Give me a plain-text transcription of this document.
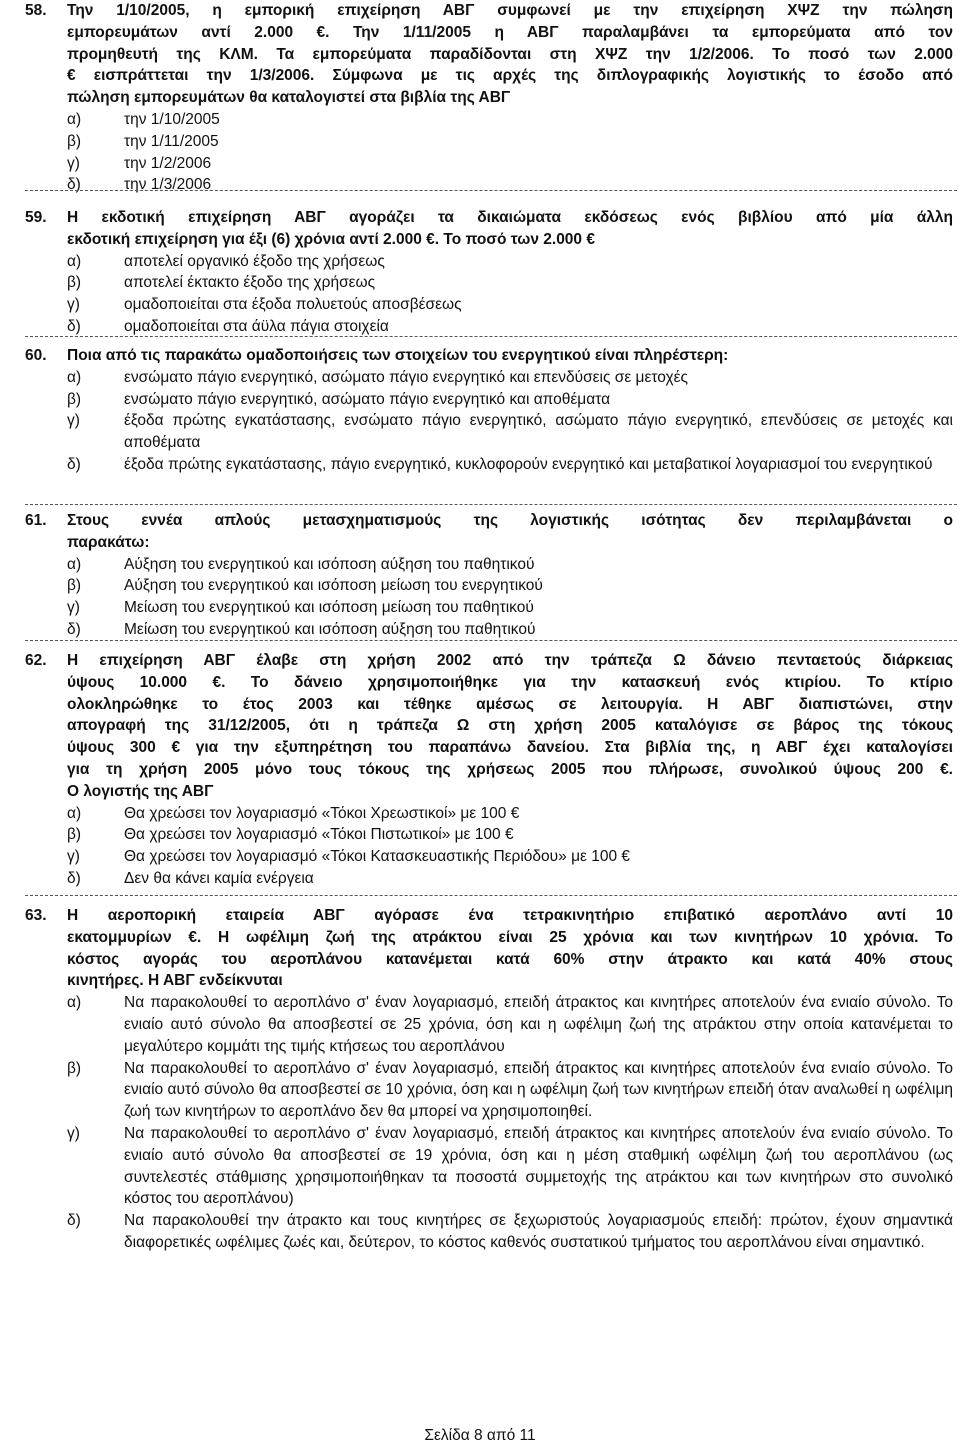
58. Την 1/10/2005, η εμπορική επιχείρηση ΑΒΓ συμφωνεί με την επιχείρηση ΧΨΖ την πώληση
εμπορευμάτων αντί 2.000 €. Την 1/11/2005 η ΑΒΓ παραλαμβάνει τα εμπορεύματα από τον
προμηθευτή της ΚΛΜ. Τα εμπορεύματα παραδίδονται στη ΧΨΖ την 1/2/2006. Το ποσό των 2.000
€ εισπράττεται την 1/3/2006. Σύμφωνα με τις αρχές της διπλογραφικής λογιστικής το έσοδο από
πώληση εμπορευμάτων θα καταλογιστεί στα βιβλία της ΑΒΓ
α)	την 1/10/2005
β)	την 1/11/2005
γ)	την 1/2/2006
δ)	την 1/3/2006
59. Η εκδοτική επιχείρηση ΑΒΓ αγοράζει τα δικαιώματα εκδόσεως ενός βιβλίου από μία άλλη
εκδοτική επιχείρηση για έξι (6) χρόνια αντί 2.000 €. Το ποσό των 2.000 €
α)	αποτελεί οργανικό έξοδο της χρήσεως
β)	αποτελεί έκτακτο έξοδο της χρήσεως
γ)	ομαδοποιείται στα έξοδα πολυετούς αποσβέσεως
δ)	ομαδοποιείται στα άϋλα πάγια στοιχεία
60. Ποια από τις παρακάτω ομαδοποιήσεις των στοιχείων του ενεργητικού είναι πληρέστερη:
α)	ενσώματο πάγιο ενεργητικό, ασώματο πάγιο ενεργητικό και επενδύσεις σε μετοχές
β)	ενσώματο πάγιο ενεργητικό, ασώματο πάγιο ενεργητικό και αποθέματα
γ)	έξοδα πρώτης εγκατάστασης, ενσώματο πάγιο ενεργητικό, ασώματο πάγιο ενεργητικό, επενδύσεις σε μετοχές και αποθέματα
δ)	έξοδα πρώτης εγκατάστασης, πάγιο ενεργητικό, κυκλοφορούν ενεργητικό και μεταβατικοί λογαριασμοί του ενεργητικού
61. Στους εννέα απλούς μετασχηματισμούς της λογιστικής ισότητας δεν περιλαμβάνεται ο
παρακάτω:
α)	Αύξηση του ενεργητικού και ισόποση αύξηση του παθητικού
β)	Αύξηση του ενεργητικού και ισόποση μείωση του ενεργητικού
γ)	Μείωση του ενεργητικού και ισόποση μείωση του παθητικού
δ)	Μείωση του ενεργητικού και ισόποση αύξηση του παθητικού
62. Η επιχείρηση ΑΒΓ έλαβε στη χρήση 2002 από την τράπεζα Ω δάνειο πενταετούς διάρκειας
ύψους 10.000 €. Το δάνειο χρησιμοποιήθηκε για την κατασκευή ενός κτιρίου. Το κτίριο
ολοκληρώθηκε το έτος 2003 και τέθηκε αμέσως σε λειτουργία. Η ΑΒΓ διαπιστώνει, στην
απογραφή της 31/12/2005, ότι η τράπεζα Ω στη χρήση 2005 καταλόγισε σε βάρος της τόκους
ύψους 300 € για την εξυπηρέτηση του παραπάνω δανείου. Στα βιβλία της, η ΑΒΓ έχει καταλογίσει
για τη χρήση 2005 μόνο τους τόκους της χρήσεως 2005 που πλήρωσε, συνολικού ύψους 200 €.
Ο λογιστής της ΑΒΓ
α)	Θα χρεώσει τον λογαριασμό «Τόκοι Χρεωστικοί» με 100 €
β)	Θα χρεώσει τον λογαριασμό «Τόκοι Πιστωτικοί» με 100 €
γ)	Θα χρεώσει τον λογαριασμό «Τόκοι Κατασκευαστικής Περιόδου» με 100 €
δ)	Δεν θα κάνει καμία ενέργεια
63. Η αεροπορική εταιρεία ΑΒΓ αγόρασε ένα τετρακινητήριο επιβατικό αεροπλάνο αντί 10
εκατομμυρίων €. Η ωφέλιμη ζωή της ατράκτου είναι 25 χρόνια και των κινητήρων 10 χρόνια. Το
κόστος αγοράς του αεροπλάνου κατανέμεται κατά 60% στην άτρακτο και κατά 40% στους
κινητήρες. Η ΑΒΓ ενδείκνυται
α)	Να παρακολουθεί το αεροπλάνο σ' έναν λογαριασμό, επειδή άτρακτος και κινητήρες αποτελούν ένα ενιαίο σύνολο. Το ενιαίο αυτό σύνολο θα αποσβεστεί σε 25 χρόνια, όση και η ωφέλιμη ζωή της ατράκτου στην οποία κατανέμεται το μεγαλύτερο κομμάτι της τιμής κτήσεως του αεροπλάνου
β)	Να παρακολουθεί το αεροπλάνο σ' έναν λογαριασμό, επειδή άτρακτος και κινητήρες αποτελούν ένα ενιαίο σύνολο. Το ενιαίο αυτό σύνολο θα αποσβεστεί σε 10 χρόνια, όση και η ωφέλιμη ζωή των κινητήρων επειδή όταν αναλωθεί η ωφέλιμη ζωή των κινητήρων το αεροπλάνο δεν θα μπορεί να χρησιμοποιηθεί.
γ)	Να παρακολουθεί το αεροπλάνο σ' έναν λογαριασμό, επειδή άτρακτος και κινητήρες αποτελούν ένα ενιαίο σύνολο. Το ενιαίο αυτό σύνολο θα αποσβεστεί σε 19 χρόνια, όση και η μέση σταθμική ωφέλιμη ζωή του αεροπλάνου (ως συντελεστές στάθμισης χρησιμοποιήθηκαν τα ποσοστά συμμετοχής της ατράκτου και των κινητήρων στο συνολικό κόστος του αεροπλάνου)
δ)	Να παρακολουθεί την άτρακτο και τους κινητήρες σε ξεχωριστούς λογαριασμούς επειδή: πρώτον, έχουν σημαντικά διαφορετικές ωφέλιμες ζωές και, δεύτερον, το κόστος καθενός συστατικού τμήματος του αεροπλάνου είναι σημαντικό.
Σελίδα 8 από 11
